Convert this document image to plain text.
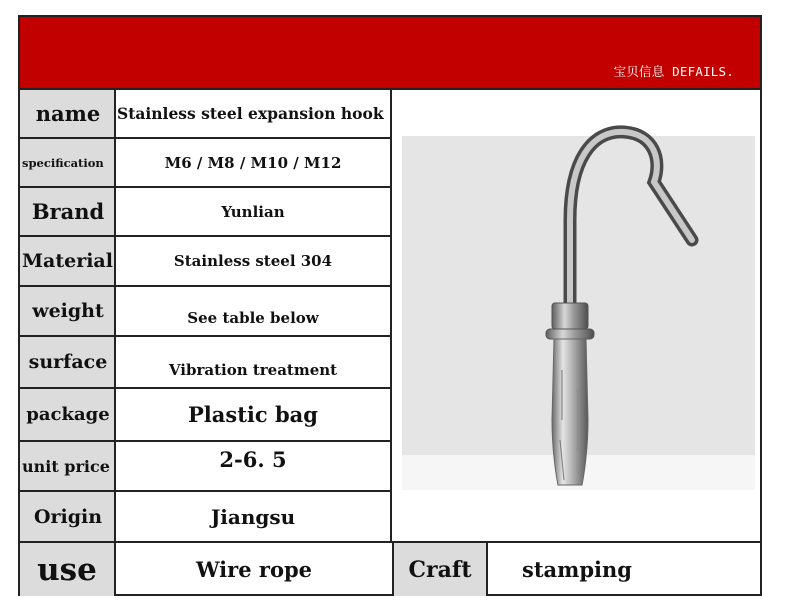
宝贝信息 DEFAILS.
name	Stainless steel expansion hook
specification	M6 / M8 / M10 / M12
Brand	Yunlian
Material	Stainless steel 304
weight	See table below
surface	Vibration treatment
package	Plastic bag
unit price	2-6. 5
Origin	Jiangsu
use	Wire rope	Craft	stamping
